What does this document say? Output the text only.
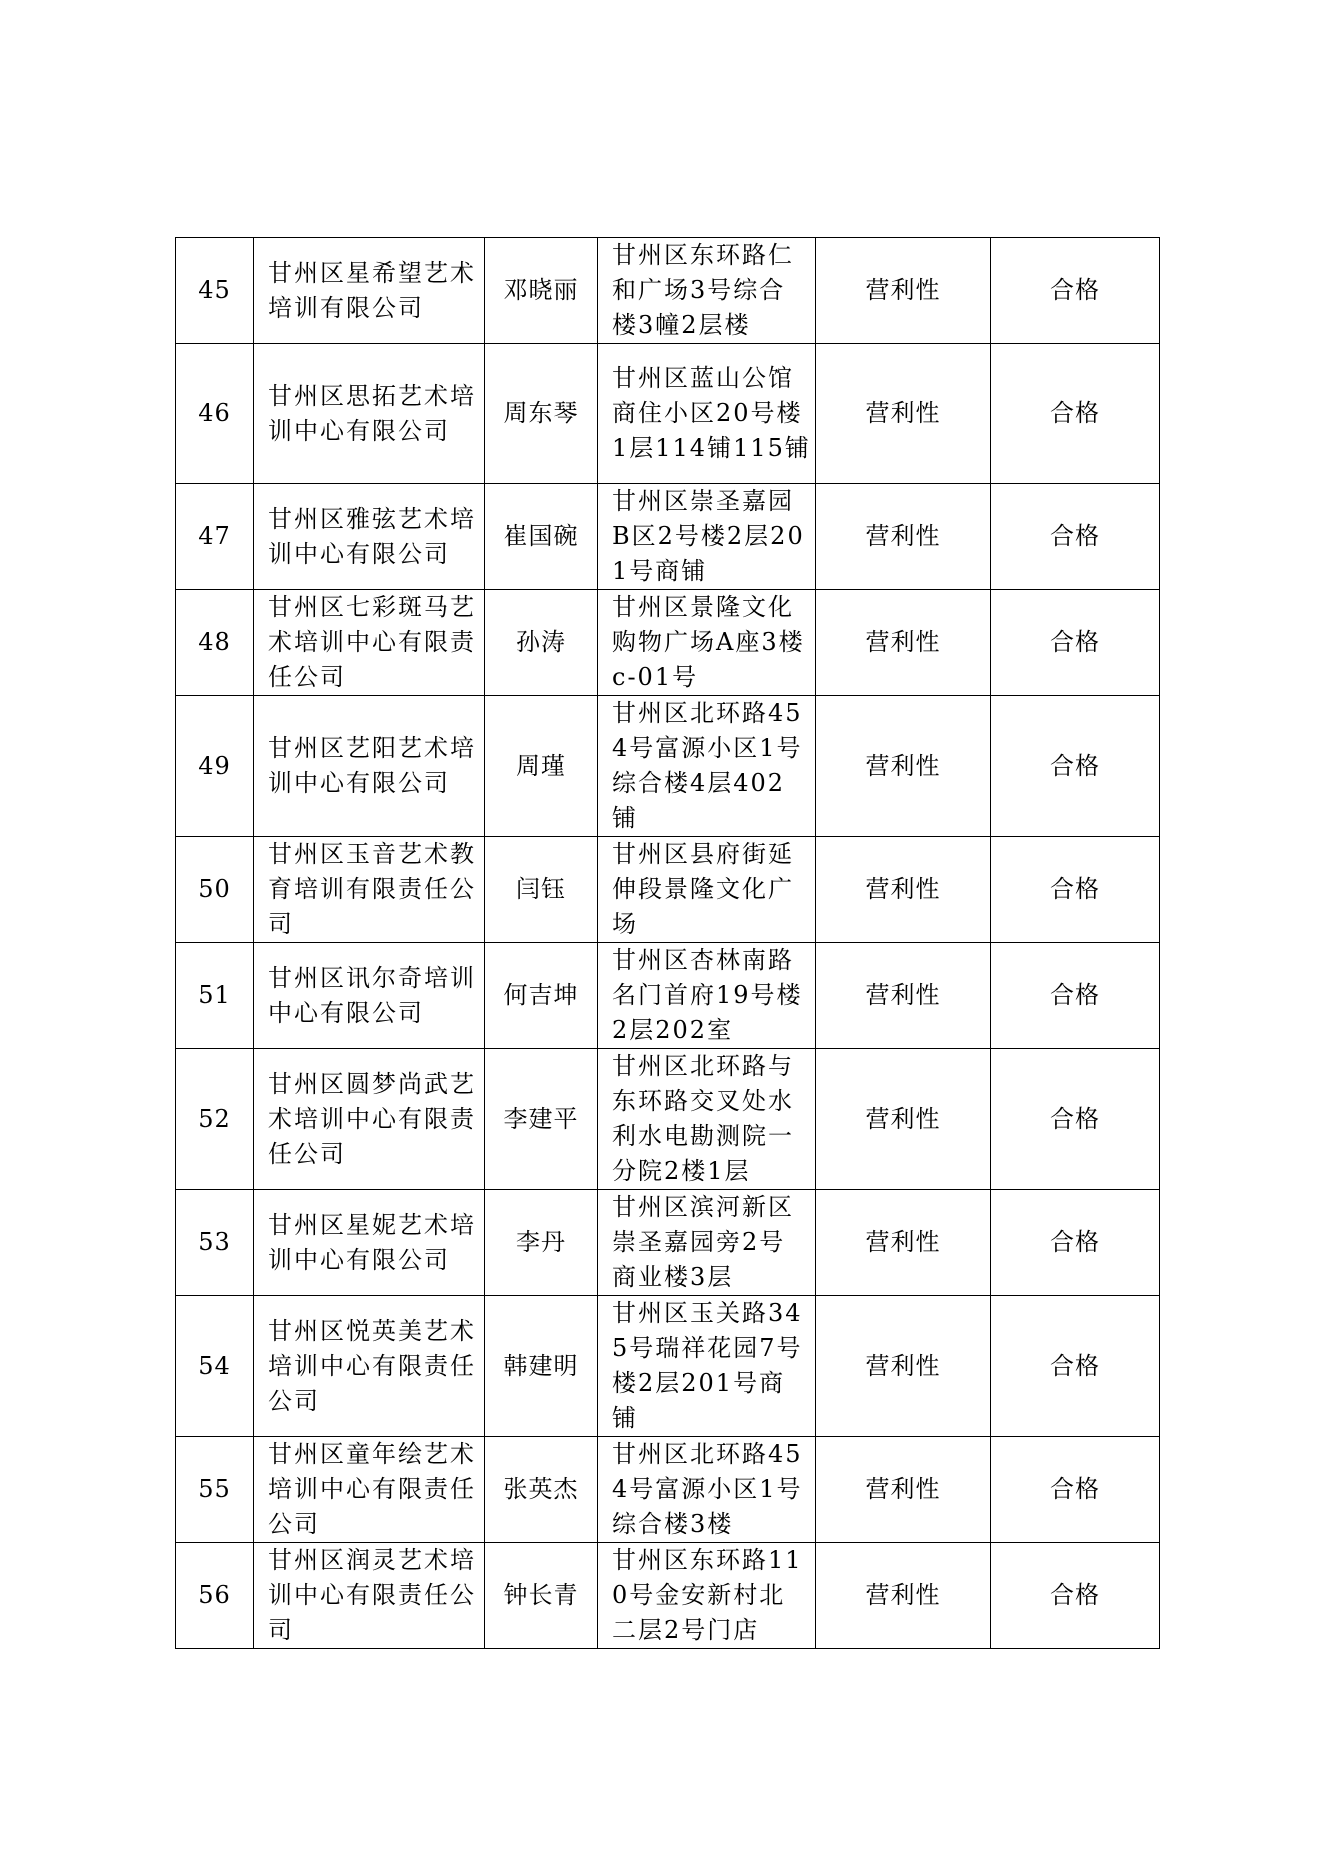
45	甘州区星希望艺术培训有限公司	邓晓丽	甘州区东环路仁和广场3号综合楼3幢2层楼	营利性	合格
46	甘州区思拓艺术培训中心有限公司	周东琴	甘州区蓝山公馆商住小区20号楼1层114铺115铺	营利性	合格
47	甘州区雅弦艺术培训中心有限公司	崔国碗	甘州区崇圣嘉园B区2号楼2层201号商铺	营利性	合格
48	甘州区七彩斑马艺术培训中心有限责任公司	孙涛	甘州区景隆文化购物广场A座3楼c-01号	营利性	合格
49	甘州区艺阳艺术培训中心有限公司	周瑾	甘州区北环路454号富源小区1号综合楼4层402铺	营利性	合格
50	甘州区玉音艺术教育培训有限责任公司	闫钰	甘州区县府街延伸段景隆文化广场	营利性	合格
51	甘州区讯尔奇培训中心有限公司	何吉坤	甘州区杏林南路名门首府19号楼2层202室	营利性	合格
52	甘州区圆梦尚武艺术培训中心有限责任公司	李建平	甘州区北环路与东环路交叉处水利水电勘测院一分院2楼1层	营利性	合格
53	甘州区星妮艺术培训中心有限公司	李丹	甘州区滨河新区崇圣嘉园旁2号商业楼3层	营利性	合格
54	甘州区悦英美艺术培训中心有限责任公司	韩建明	甘州区玉关路345号瑞祥花园7号楼2层201号商铺	营利性	合格
55	甘州区童年绘艺术培训中心有限责任公司	张英杰	甘州区北环路454号富源小区1号综合楼3楼	营利性	合格
56	甘州区润灵艺术培训中心有限责任公司	钟长青	甘州区东环路110号金安新村北二层2号门店	营利性	合格
